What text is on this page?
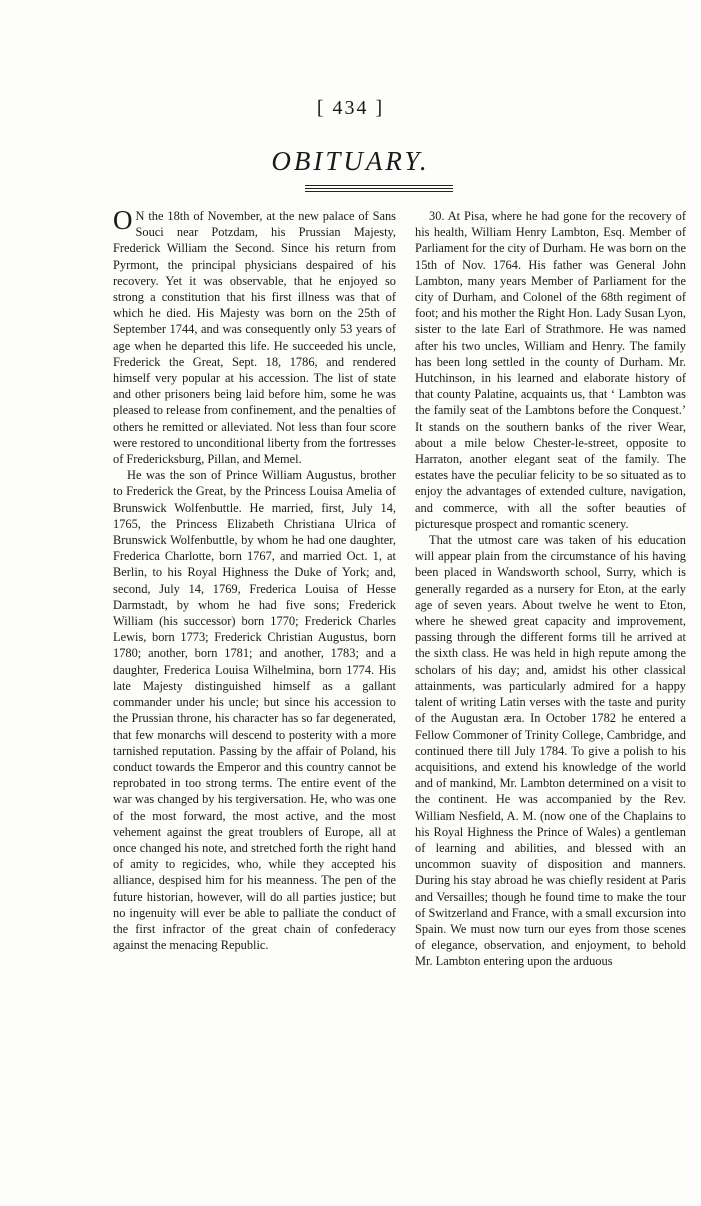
[ 434 ]
OBITUARY.

O N the 18th of November, at the new palace of Sans Souci near Potzdam, his Prussian Majesty, Frederick William the Second. Since his return from Pyrmont, the principal physicians despaired of his recovery. Yet it was observable, that he enjoyed so strong a constitution that his first illness was that of which he died. His Majesty was born on the 25th of September 1744, and was consequently only 53 years of age when he departed this life. He succeeded his uncle, Frederick the Great, Sept. 18, 1786, and rendered himself very popular at his accession. The list of state and other prisoners being laid before him, some he was pleased to release from confinement, and the penalties of others he remitted or alleviated. Not less than four score were restored to unconditional liberty from the fortresses of Fredericksburg, Pillan, and Memel.

He was the son of Prince William Augustus, brother to Frederick the Great, by the Princess Louisa Amelia of Brunswick Wolfenbuttle. He married, first, July 14, 1765, the Princess Elizabeth Christiana Ulrica of Brunswick Wolfenbuttle, by whom he had one daughter, Frederica Charlotte, born 1767, and married Oct. 1, at Berlin, to his Royal Highness the Duke of York; and, second, July 14, 1769, Frederica Louisa of Hesse Darmstadt, by whom he had five sons; Frederick William (his successor) born 1770; Frederick Charles Lewis, born 1773; Frederick Christian Augustus, born 1780; another, born 1781; and another, 1783; and a daughter, Frederica Louisa Wilhelmina, born 1774. His late Majesty distinguished himself as a gallant commander under his uncle; but since his accession to the Prussian throne, his character has so far degenerated, that few monarchs will descend to posterity with a more tarnished reputation. Passing by the affair of Poland, his conduct towards the Emperor and this country cannot be reprobated in too strong terms. The entire event of the war was changed by his tergiversation. He, who was one of the most forward, the most active, and the most vehement against the great troublers of Europe, all at once changed his note, and stretched forth the right hand of amity to regicides, who, while they accepted his alliance, despised him for his meanness. The pen of the future historian, however, will do all parties justice; but no ingenuity will ever be able to palliate the conduct of the first infractor of the great chain of confederacy against the menacing Republic.

30. At Pisa, where he had gone for the recovery of his health, William Henry Lambton, Esq. Member of Parliament for the city of Durham. He was born on the 15th of Nov. 1764. His father was General John Lambton, many years Member of Parliament for the city of Durham, and Colonel of the 68th regiment of foot; and his mother the Right Hon. Lady Susan Lyon, sister to the late Earl of Strathmore. He was named after his two uncles, William and Henry. The family has been long settled in the county of Durham. Mr. Hutchinson, in his learned and elaborate history of that county Palatine, acquaints us, that ‘ Lambton was the family seat of the Lambtons before the Conquest.’ It stands on the southern banks of the river Wear, about a mile below Chester-le-street, opposite to Harraton, another elegant seat of the family. The estates have the peculiar felicity to be so situated as to enjoy the advantages of extended culture, navigation, and commerce, with all the softer beauties of picturesque prospect and romantic scenery.

That the utmost care was taken of his education will appear plain from the circumstance of his having been placed in Wandsworth school, Surry, which is generally regarded as a nursery for Eton, at the early age of seven years. About twelve he went to Eton, where he shewed great capacity and improvement, passing through the different forms till he arrived at the sixth class. He was held in high repute among the scholars of his day; and, amidst his other classical attainments, was particularly admired for a happy talent of writing Latin verses with the taste and purity of the Augustan æra. In October 1782 he entered a Fellow Commoner of Trinity College, Cambridge, and continued there till July 1784. To give a polish to his acquisitions, and extend his knowledge of the world and of mankind, Mr. Lambton determined on a visit to the continent. He was accompanied by the Rev. William Nesfield, A. M. (now one of the Chaplains to his Royal Highness the Prince of Wales) a gentleman of learning and abilities, and blessed with an uncommon suavity of disposition and manners. During his stay abroad he was chiefly resident at Paris and Versailles; though he found time to make the tour of Switzerland and France, with a small excursion into Spain. We must now turn our eyes from those scenes of elegance, observation, and enjoyment, to behold Mr. Lambton entering upon the arduous
